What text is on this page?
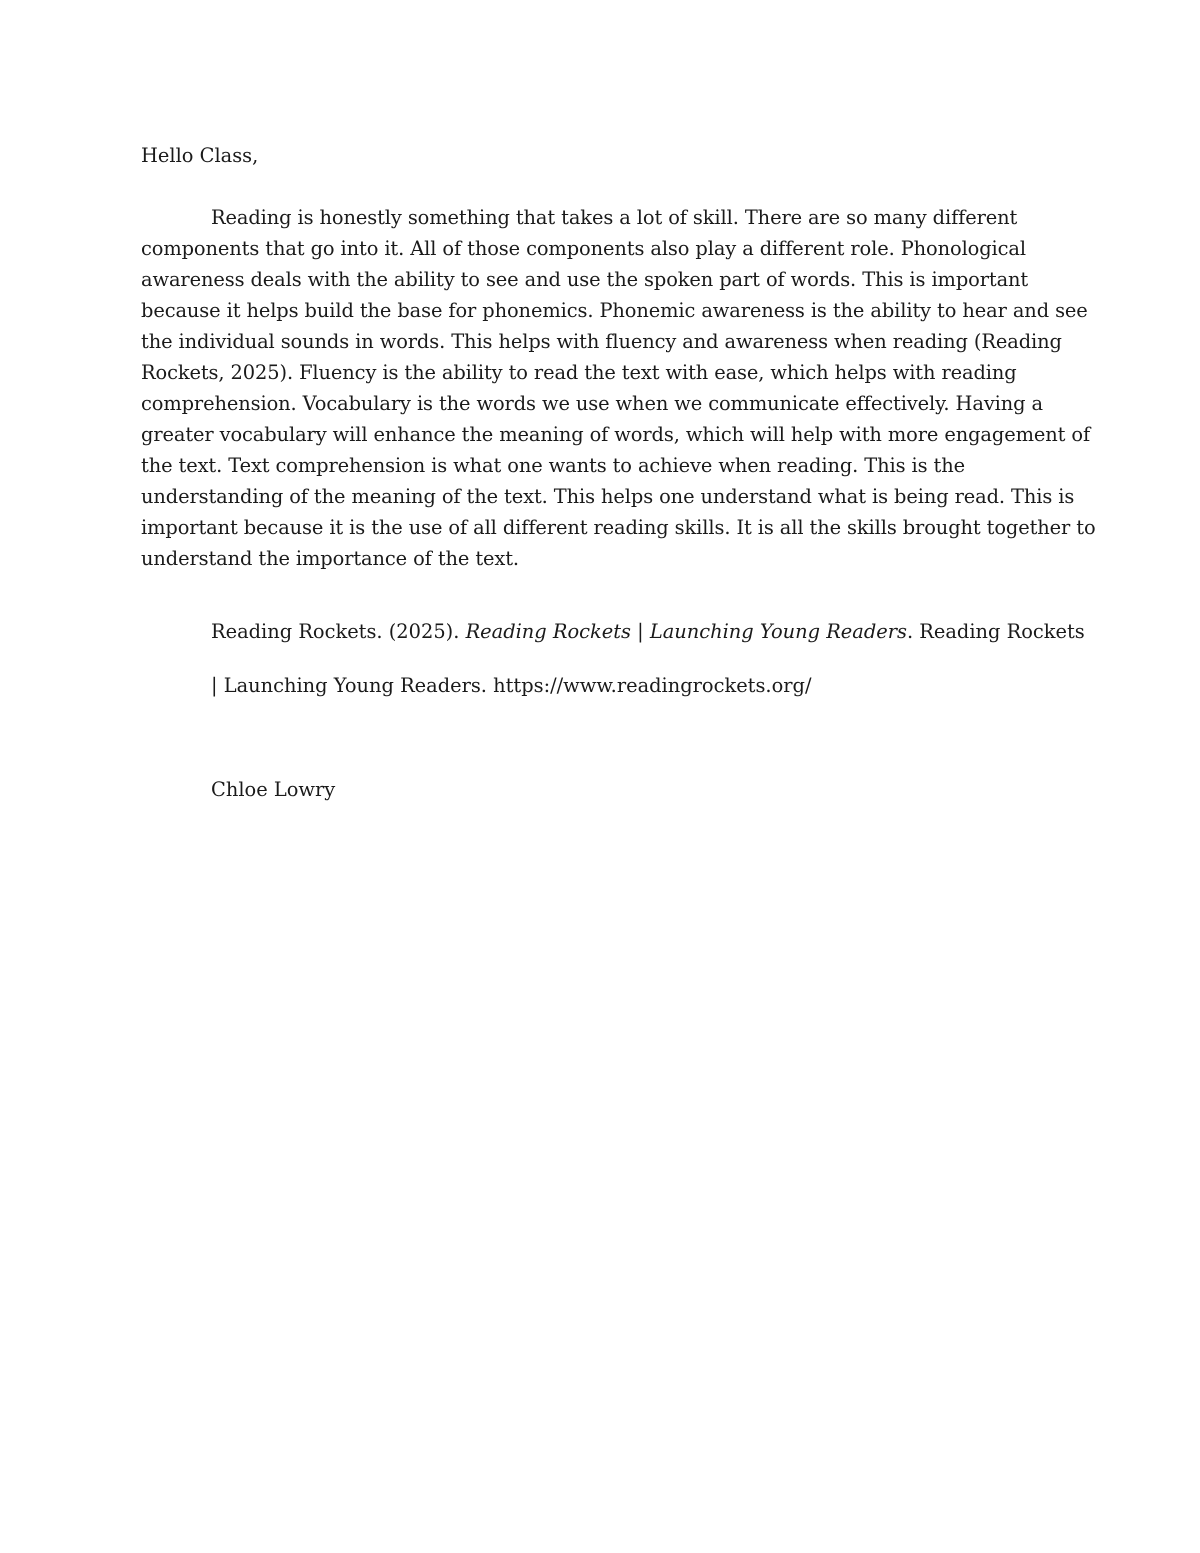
Hello Class,

Reading is honestly something that takes a lot of skill. There are so many different
components that go into it. All of those components also play a different role. Phonological
awareness deals with the ability to see and use the spoken part of words. This is important
because it helps build the base for phonemics. Phonemic awareness is the ability to hear and see
the individual sounds in words. This helps with fluency and awareness when reading (Reading
Rockets, 2025). Fluency is the ability to read the text with ease, which helps with reading
comprehension. Vocabulary is the words we use when we communicate effectively. Having a
greater vocabulary will enhance the meaning of words, which will help with more engagement of
the text. Text comprehension is what one wants to achieve when reading. This is the
understanding of the meaning of the text. This helps one understand what is being read. This is
important because it is the use of all different reading skills. It is all the skills brought together to
understand the importance of the text.

Reading Rockets. (2025). Reading Rockets | Launching Young Readers. Reading Rockets
| Launching Young Readers. https://www.readingrockets.org/

Chloe Lowry
